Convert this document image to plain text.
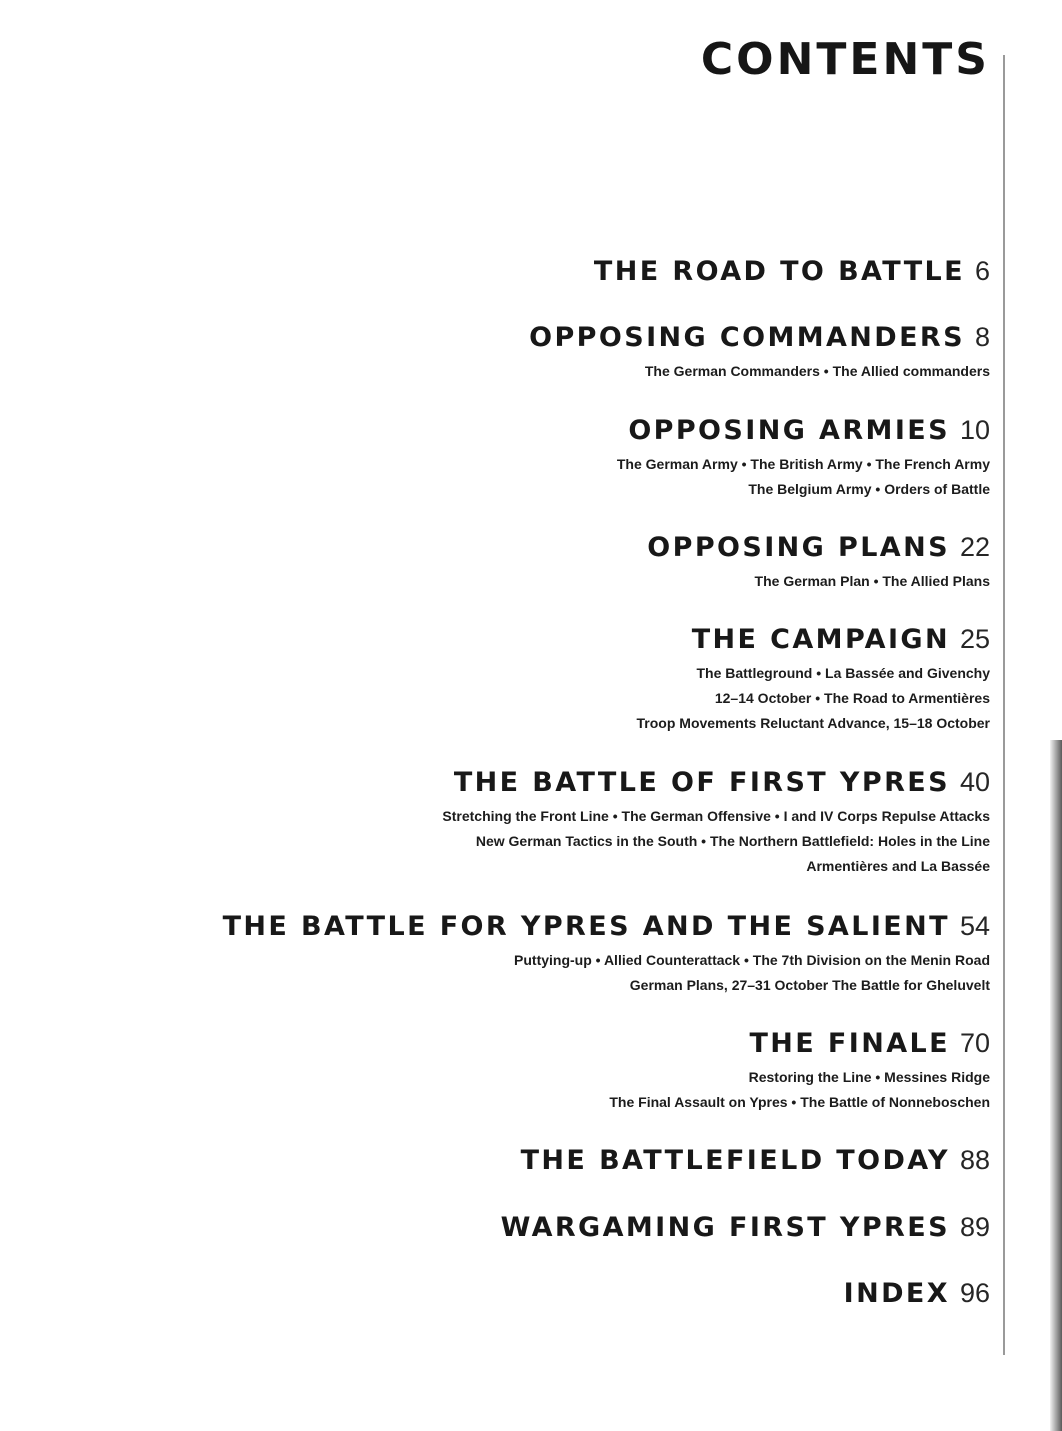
CONTENTS
THE ROAD TO BATTLE 6
OPPOSING COMMANDERS 8
The German Commanders • The Allied commanders
OPPOSING ARMIES 10
The German Army • The British Army • The French Army
The Belgium Army • Orders of Battle
OPPOSING PLANS 22
The German Plan • The Allied Plans
THE CAMPAIGN 25
The Battleground • La Bassée and Givenchy
12–14 October • The Road to Armentières
Troop Movements Reluctant Advance, 15–18 October
THE BATTLE OF FIRST YPRES 40
Stretching the Front Line • The German Offensive • I and IV Corps Repulse Attacks
New German Tactics in the South • The Northern Battlefield: Holes in the Line
Armentières and La Bassée
THE BATTLE FOR YPRES AND THE SALIENT 54
Puttying-up • Allied Counterattack • The 7th Division on the Menin Road
German Plans, 27–31 October The Battle for Gheluvelt
THE FINALE 70
Restoring the Line • Messines Ridge
The Final Assault on Ypres • The Battle of Nonneboschen
THE BATTLEFIELD TODAY 88
WARGAMING FIRST YPRES 89
INDEX 96
